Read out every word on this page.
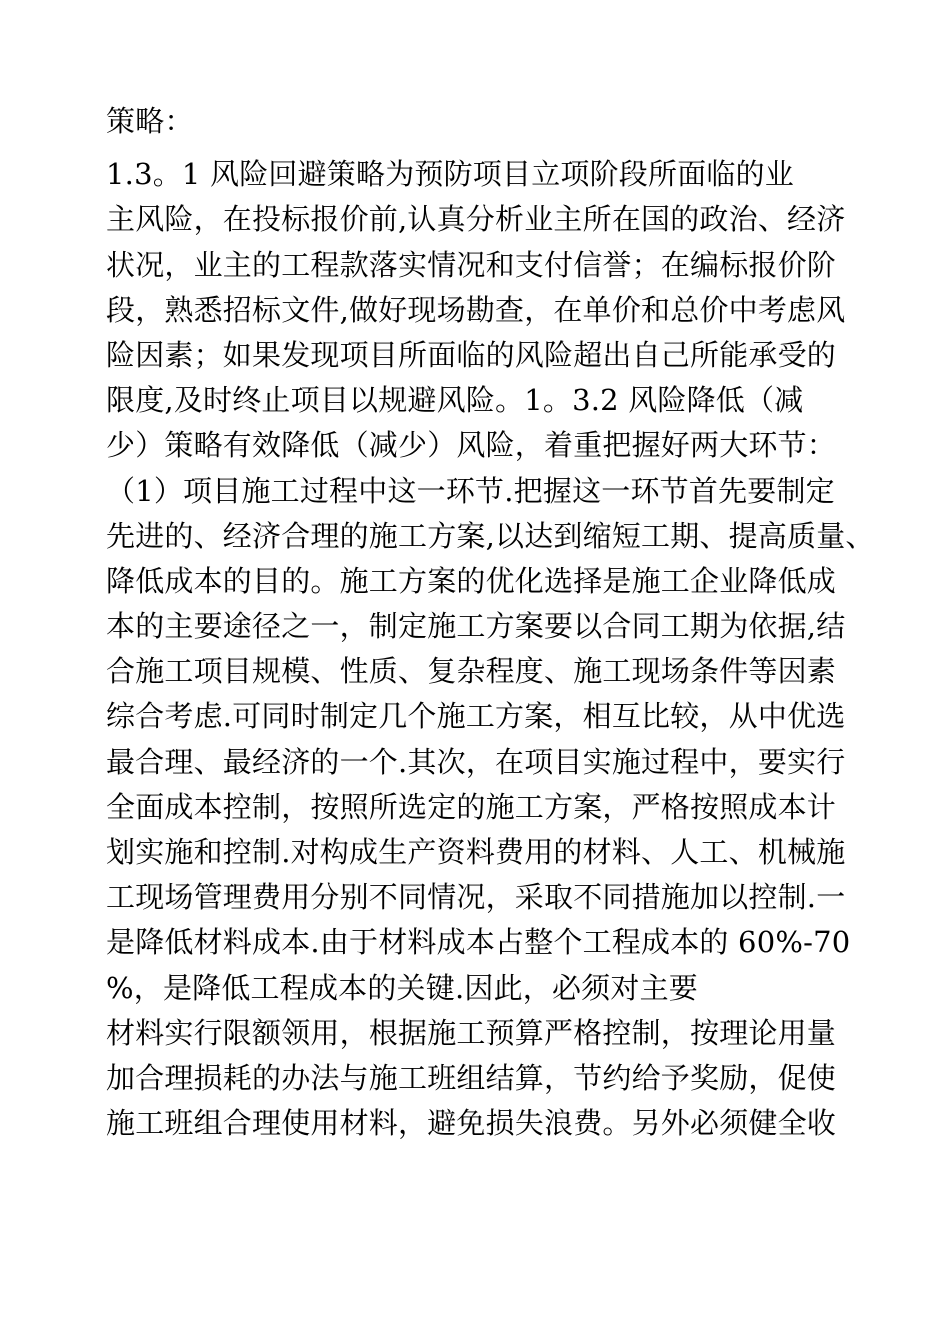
策略：
1.3。1 风险回避策略为预防项目立项阶段所面临的业
主风险，在投标报价前,认真分析业主所在国的政治、经济
状况，业主的工程款落实情况和支付信誉；在编标报价阶
段，熟悉招标文件,做好现场勘查，在单价和总价中考虑风
险因素；如果发现项目所面临的风险超出自己所能承受的
限度,及时终止项目以规避风险。1。3.2 风险降低（减
少）策略有效降低（减少）风险，着重把握好两大环节：
（1）项目施工过程中这一环节.把握这一环节首先要制定
先进的、经济合理的施工方案,以达到缩短工期、提高质量、
降低成本的目的。施工方案的优化选择是施工企业降低成
本的主要途径之一，制定施工方案要以合同工期为依据,结
合施工项目规模、性质、复杂程度、施工现场条件等因素
综合考虑.可同时制定几个施工方案，相互比较，从中优选
最合理、最经济的一个.其次，在项目实施过程中，要实行
全面成本控制，按照所选定的施工方案，严格按照成本计
划实施和控制.对构成生产资料费用的材料、人工、机械施
工现场管理费用分别不同情况，采取不同措施加以控制.一
是降低材料成本.由于材料成本占整个工程成本的 60%-70
%，是降低工程成本的关键.因此，必须对主要
材料实行限额领用，根据施工预算严格控制，按理论用量
加合理损耗的办法与施工班组结算，节约给予奖励，促使
施工班组合理使用材料，避免损失浪费。另外必须健全收
